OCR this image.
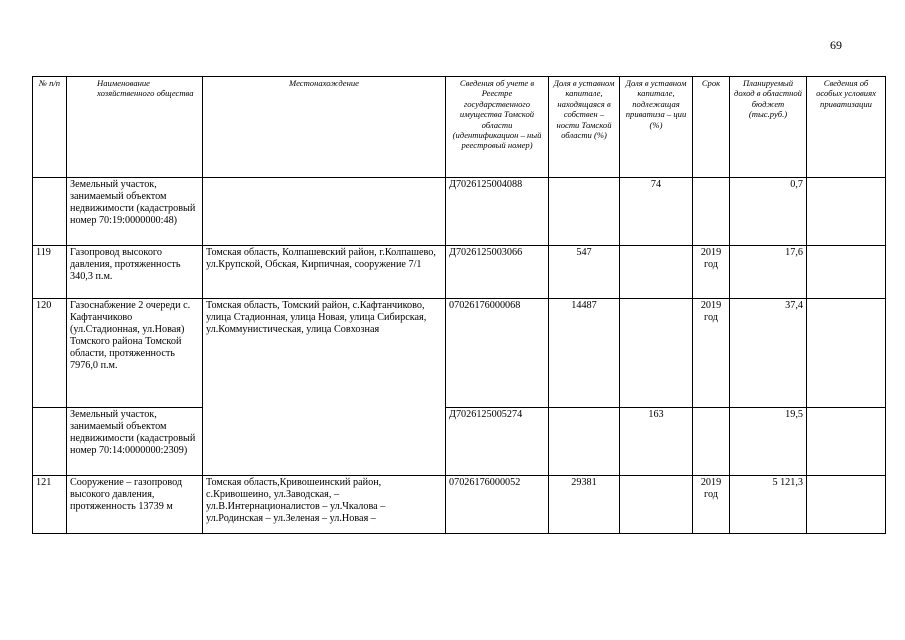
69
№ п/п	Наименование хозяйственного общества	Местонахождение	Сведения об учете в Реестре государственного имущества Томской области (идентификацион – ный реестровый номер)	Доля в уставном капитале, находящаяся в собствен – ности Томской области (%)	Доля в уставном капитале, подлежащая приватиза – ции (%)	Срок	Планируемый доход в областной бюджет (тыс.руб.)	Сведения об особых условиях приватизации
	Земельный участок, занимаемый объектом недвижимости (кадастровый номер 70:19:0000000:48)		Д7026125004088		74		0,7	
119	Газопровод высокого давления, протяженность 340,3 п.м.	Томская область, Колпашевский район, г.Колпашево, ул.Крупской, Обская, Кирпичная, сооружение 7/1	Д7026125003066	547		2019 год	17,6	
120	Газоснабжение 2 очереди с. Кафтанчиково (ул.Стадионная, ул.Новая) Томского района Томской области, протяженность 7976,0 п.м.	Томская область, Томский район, с.Кафтанчиково, улица Стадионная, улица Новая, улица Сибирская, ул.Коммунистическая, улица Совхозная	07026176000068	14487		2019 год	37,4	
	Земельный участок, занимаемый объектом недвижимости (кадастровый номер 70:14:0000000:2309)		Д7026125005274		163		19,5	
121	Сооружение – газопровод высокого давления, протяженность 13739 м	Томская область,Кривошеинский район, с.Кривошеино, ул.Заводская, – ул.В.Интернационалистов – ул.Чкалова – ул.Родинская – ул.Зеленая – ул.Новая –	07026176000052	29381		2019 год	5 121,3	
